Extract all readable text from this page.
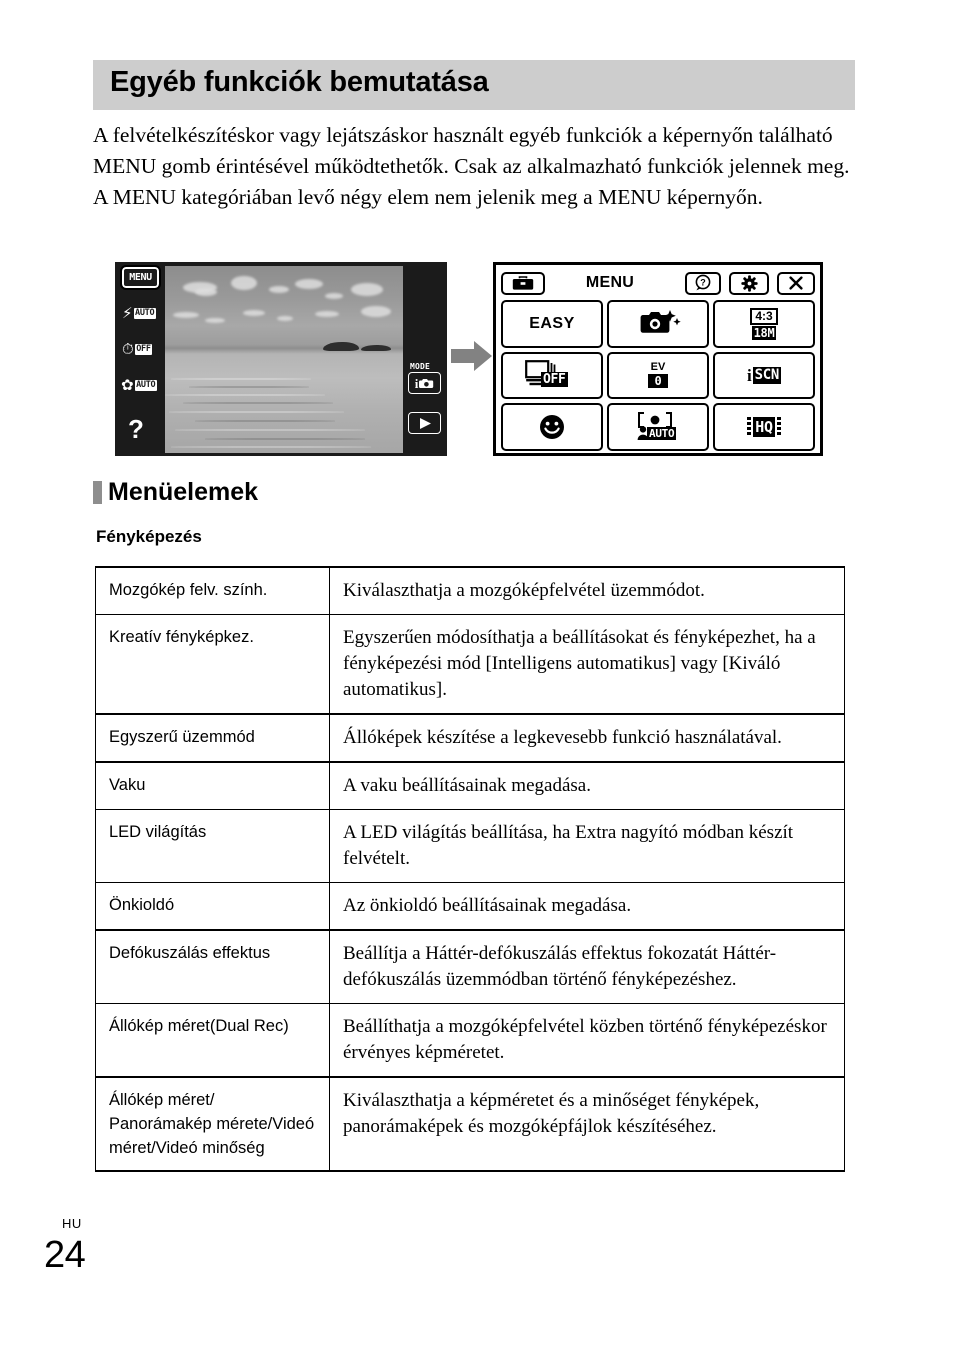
Egyéb funkciók bemutatása
A felvételkészítéskor vagy lejátszáskor használt egyéb funkciók a képernyőn található MENU gomb érintésével működtethetők. Csak az alkalmazható funkciók jelennek meg. A MENU kategóriában levő négy elem nem jelenik meg a MENU képernyőn.
MENU
⚡ AUTO
⏱ OFF
✿ AUTO
?
MODE
i
MENU	?
EASY	4:3
18M
OFF
EV
0	i SCN
AUTO	HQ
Menüelemek
Fényképezés
Mozgókép felv. szính.	Kiválaszthatja a mozgóképfelvétel üzemmódot.
Kreatív fényképkez.	Egyszerűen módosíthatja a beállításokat és fényképezhet, ha a fényképezési mód [Intelligens automatikus] vagy [Kiváló automatikus].
Egyszerű üzemmód	Állóképek készítése a legkevesebb funkció használatával.
Vaku	A vaku beállításainak megadása.
LED világítás	A LED világítás beállítása, ha Extra nagyító módban készít felvételt.
Önkioldó	Az önkioldó beállításainak megadása.
Defókuszálás effektus	Beállítja a Háttér-defókuszálás effektus fokozatát Háttér-defókuszálás üzemmódban történő fényképezéshez.
Állókép méret(Dual Rec)	Beállíthatja a mozgóképfelvétel közben történő fényképezéskor érvényes képméretet.
Állókép méret/ Panorámakép mérete/Videó méret/Videó minőség	Kiválaszthatja a képméretet és a minőséget fényképek, panorámaképek és mozgóképfájlok készítéséhez.
HU
24
